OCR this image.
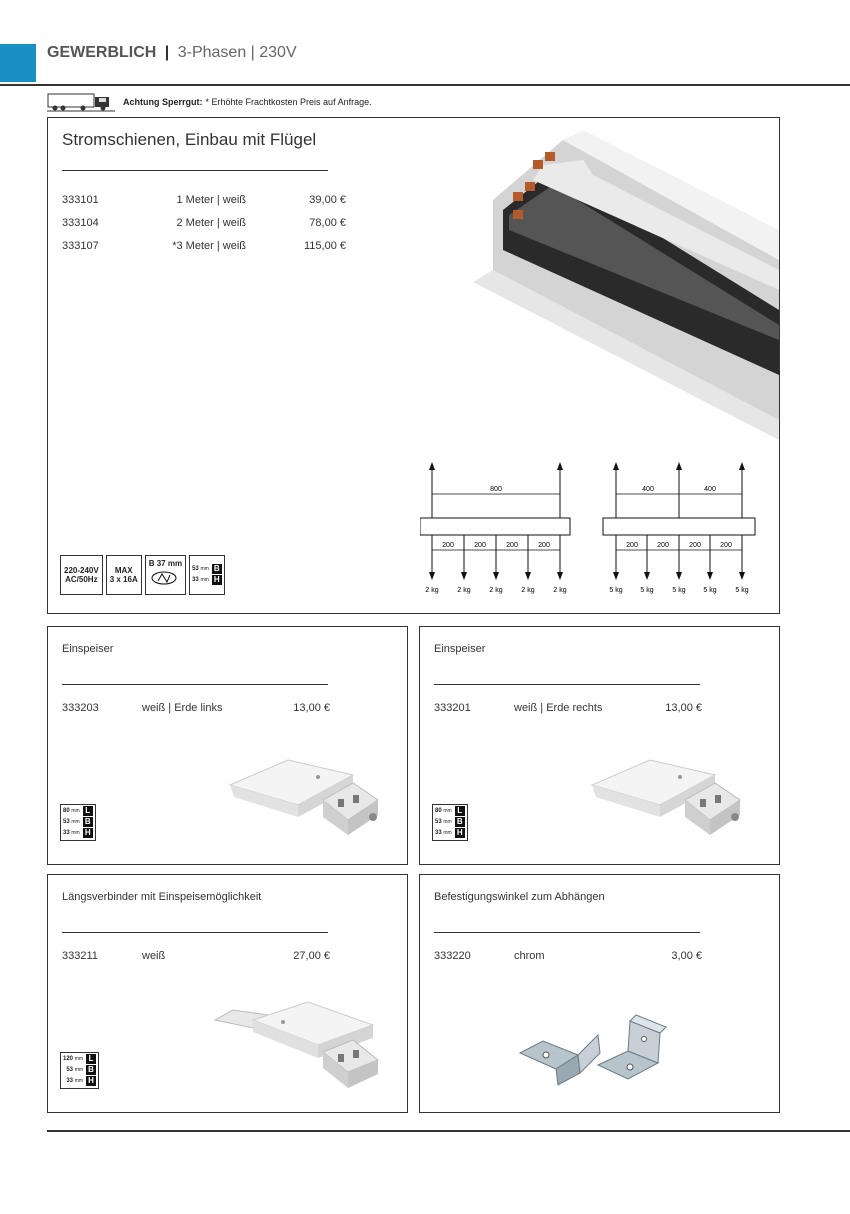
GEWERBLICH | 3-Phasen | 230V
Achtung Sperrgut: * Erhöhte Frachtkosten Preis auf Anfrage.
Stromschienen, Einbau mit Flügel
333101	1 Meter | weiß	39,00 €
333104	2 Meter | weiß	78,00 €
333107	*3 Meter | weiß	115,00 €
800
200	200	200	200
2 kg	2 kg	2 kg	2 kg	2 kg
400	400
200	200	200	200
5 kg	5 kg	5 kg	5 kg	5 kg
220-240V
AC/50Hz
MAX
3 x 16A
B 37 mm
53 mm B
33 mm H
Einspeiser
333203	weiß | Erde links	13,00 €
80 mm L
53 mm B
33 mm H
Einspeiser
333201	weiß | Erde rechts	13,00 €
80 mm L
53 mm B
33 mm H
Längsverbinder mit Einspeisemöglichkeit
333211	weiß	27,00 €
120 mm L
53 mm B
33 mm H
Befestigungswinkel zum Abhängen
333220	chrom	3,00 €
